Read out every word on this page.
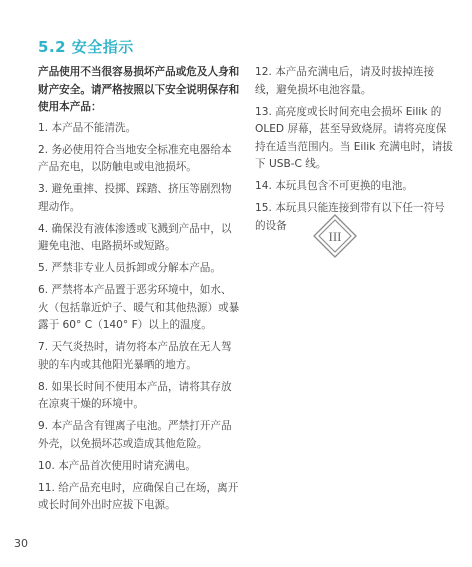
5.2 安全指示
产品使用不当很容易损坏产品或危及人身和财产安全。请严格按照以下安全说明保存和使用本产品：
1. 本产品不能清洗。
2. 务必使用符合当地安全标准充电器给本产品充电，以防触电或电池损坏。
3. 避免重摔、投掷、踩踏、挤压等剧烈物理动作。
4. 确保没有液体渗透或飞溅到产品中，以避免电池、电路损坏或短路。
5. 严禁非专业人员拆卸或分解本产品。
6. 严禁将本产品置于恶劣环境中，如水、火（包括靠近炉子、暖气和其他热源）或暴露于 60° C（140° F）以上的温度。
7. 天气炎热时，请勿将本产品放在无人驾驶的车内或其他阳光暴晒的地方。
8. 如果长时间不使用本产品，请将其存放在凉爽干燥的环境中。
9. 本产品含有锂离子电池。严禁打开产品外壳，以免损坏芯或造成其他危险。
10. 本产品首次使用时请充满电。
11. 给产品充电时，应确保自己在场，离开或长时间外出时应拔下电源。
12. 本产品充满电后，请及时拔掉连接线，避免损坏电池容量。
13. 高亮度或长时间充电会损坏 Eilik 的 OLED 屏幕，甚至导致烧屏。请将亮度保持在适当范围内。当 Eilik 充满电时，请拔下 USB-C 线。
14. 本玩具包含不可更换的电池。
15. 本玩具只能连接到带有以下任一符号的设备
III
30
